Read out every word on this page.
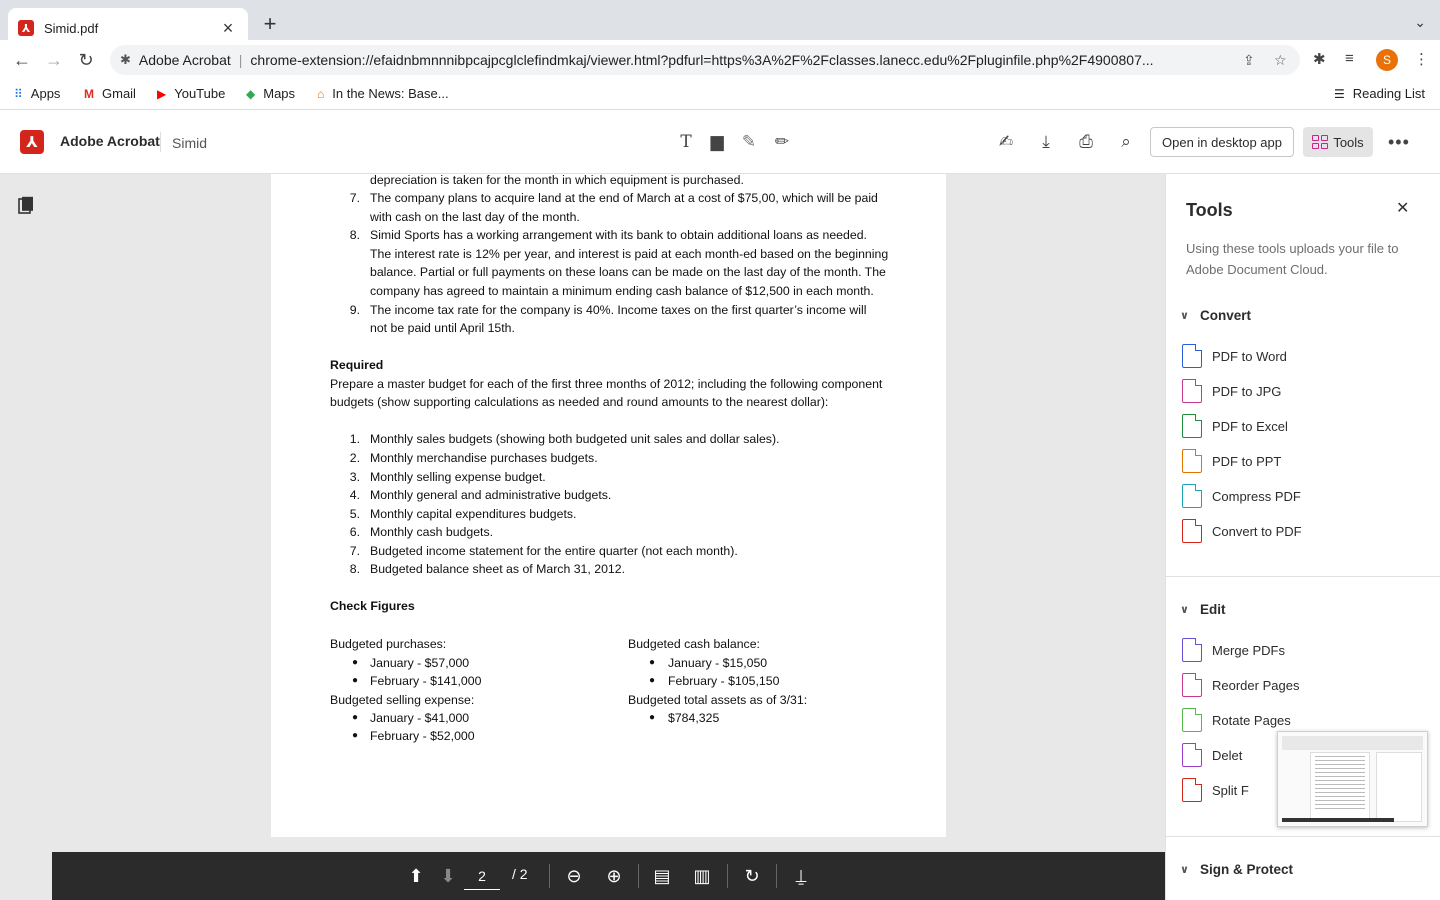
⅄ Simid.pdf	× +	⌄
← → ↻	✱ Adobe Acrobat | chrome-extension://efaidnbmnnnibpcajpcglclefindmkaj/viewer.html?pdfurl=https%3A%2F%2Fclasses.lanecc.edu%2Fpluginfile.php%2F4900807...	⇪ ☆ ✱ ≡	S	⋮
⠿ Apps M Gmail ▶ YouTube ◆ Maps ⌂ In the News: Base...	☰ Reading List
⅄	Adobe Acrobat Simid	T	▆	✎ ✏	✍	⤓	⎙	⌕	Open in desktop app	Tools •••
depreciation is taken for the month in which equipment is purchased.
7. The company plans to acquire land at the end of March at a cost of $75,00, which will be paid
with cash on the last day of the month.
8. Simid Sports has a working arrangement with its bank to obtain additional loans as needed.
The interest rate is 12% per year, and interest is paid at each month-ed based on the beginning
balance. Partial or full payments on these loans can be made on the last day of the month. The
company has agreed to maintain a minimum ending cash balance of $12,500 in each month.
9. The income tax rate for the company is 40%. Income taxes on the first quarter’s income will
not be paid until April 15th.
Required
Prepare a master budget for each of the first three months of 2012; including the following component
budgets (show supporting calculations as needed and round amounts to the nearest dollar):
1. Monthly sales budgets (showing both budgeted unit sales and dollar sales).
2. Monthly merchandise purchases budgets.
3. Monthly selling expense budget.
4. Monthly general and administrative budgets.
5. Monthly capital expenditures budgets.
6. Monthly cash budgets.
7. Budgeted income statement for the entire quarter (not each month).
8. Budgeted balance sheet as of March 31, 2012.
Check Figures
Budgeted purchases:
● January - $57,000
● February - $141,000
Budgeted selling expense:
● January - $41,000
● February - $52,000
Budgeted cash balance:
● January - $15,050
● February - $105,150
Budgeted total assets as of 3/31:
● $784,325
⬆ ⬇	2	/ 2 ⊖ ⊕ ▤ ▥ ↻	⍊
Tools	✕
Using these tools uploads your file to Adobe Document Cloud.
∨ Convert
PDF to Word
PDF to JPG
PDF to Excel
PDF to PPT
Compress PDF
Convert to PDF
∨ Edit
Merge PDFs
Reorder Pages
Rotate Pages
Delet
Split F
∨ Sign & Protect
